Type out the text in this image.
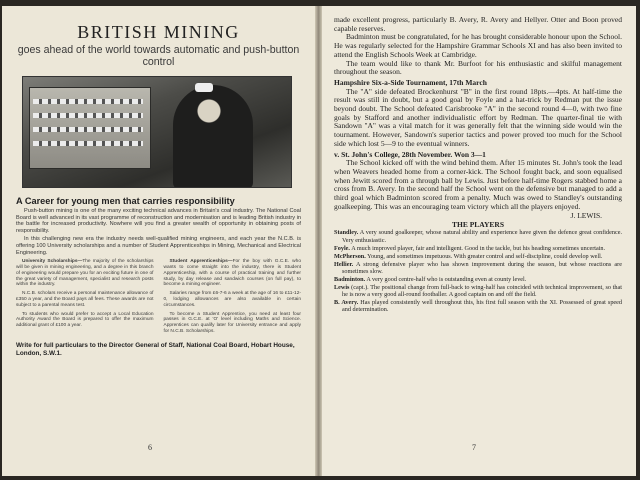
BRITISH MINING
goes ahead of the world towards automatic and push-button control
A Career for young men that carries responsibility

Push-button mining is one of the many exciting technical advances in Britain's coal industry. The National Coal Board is well advanced in its vast programme of reconstruction and modernisation and is leading British industry in the battle for increased productivity. Nowhere will you find a greater wealth of opportunity in obtaining posts of responsibility.

In this challenging new era the industry needs well-qualified mining engineers, and each year the N.C.B. is offering 100 University scholarships and a number of Student Apprenticeships in Mining, Mechanical and Electrical Engineering.

University Scholarships—The majority of the scholarships will be given in mining engineering, and a degree in this branch of engineering would prepare you for an exciting future in one of the great variety of management, specialist and research posts within the industry.

N.C.B. scholars receive a personal maintenance allowance of £350 a year, and the Board pays all fees. These awards are not subject to a parental means test.

To students who would prefer to accept a Local Education Authority Award the Board is prepared to offer the maximum additional grant of £100 a year.

Student Apprenticeships—For the boy with G.C.E. who wants to come straight into the industry, there is Student Apprenticeship, with a course of practical training and further study, by day release and sandwich courses (on full pay), to become a mining engineer.

Salaries range from £6-7-6 a week at the age of 16 to £11-12-0, lodging allowances are also available in certain circumstances.

To become a Student Apprentice, you need at least four passes in G.C.E. at 'O' level including Maths and Science. Apprentices can qualify later for University entrance and apply for N.C.B. Scholarships.

Write for full particulars to the Director General of Staff, National Coal Board, Hobart House, London, S.W.1.
6

made excellent progress, particularly B. Avery, R. Avery and Hellyer. Otter and Boon proved capable reserves.

Badminton must be congratulated, for he has brought considerable honour upon the School. He was regularly selected for the Hampshire Grammar Schools XI and has also been invited to attend the English Schools Week at Cambridge.

The team would like to thank Mr. Burfoot for his enthusiastic and skilful management throughout the season.

Hampshire Six-a-Side Tournament, 17th March

The "A" side defeated Brockenhurst "B" in the first round 18pts.—4pts. At half-time the result was still in doubt, but a good goal by Foyle and a hat-trick by Redman put the issue beyond doubt. The School defeated Carisbrooke "A" in the second round 4—0, with two fine goals by Stafford and another individualistic effort by Redman. The quarter-final tie with Sandown "A" was a vital match for it was generally felt that the winning side would win the tournament. However, Sandown's superior tactics and power proved too much for the School side which lost 5—9 to the eventual winners.

v. St. John's College, 28th November. Won 3—1

The School kicked off with the wind behind them. After 15 minutes St. John's took the lead when Weavers headed home from a corner-kick. The School fought back, and soon equalised when Jewitt scored from a through ball by Lewis. Just before half-time Rogers stabbed home a cross from B. Avery. In the second half the School went on the defensive but managed to add a third goal which Badminton scored from a penalty. Much was owed to Standley's outstanding goalkeeping. This was an encouraging team victory which all the players enjoyed.

J. LEWIS.
THE PLAYERS

Standley. A very sound goalkeeper, whose natural ability and experience have given the defence great confidence. Very enthusiastic.

Foyle. A much improved player, fair and intelligent. Good in the tackle, but his heading sometimes uncertain.

McPherson. Young, and sometimes impetuous. With greater control and self-discipline, could develop well.

Hellier. A strong defensive player who has shown improvement during the season, but whose reactions are sometimes slow.

Badminton. A very good centre-half who is outstanding even at county level.

Lewis (capt.). The positional change from full-back to wing-half has coincided with technical improvement, so that he is now a very good all-round footballer. A good captain on and off the field.

B. Avery. Has played consistently well throughout this, his first full season with the XI. Possessed of great speed and determination.

7
